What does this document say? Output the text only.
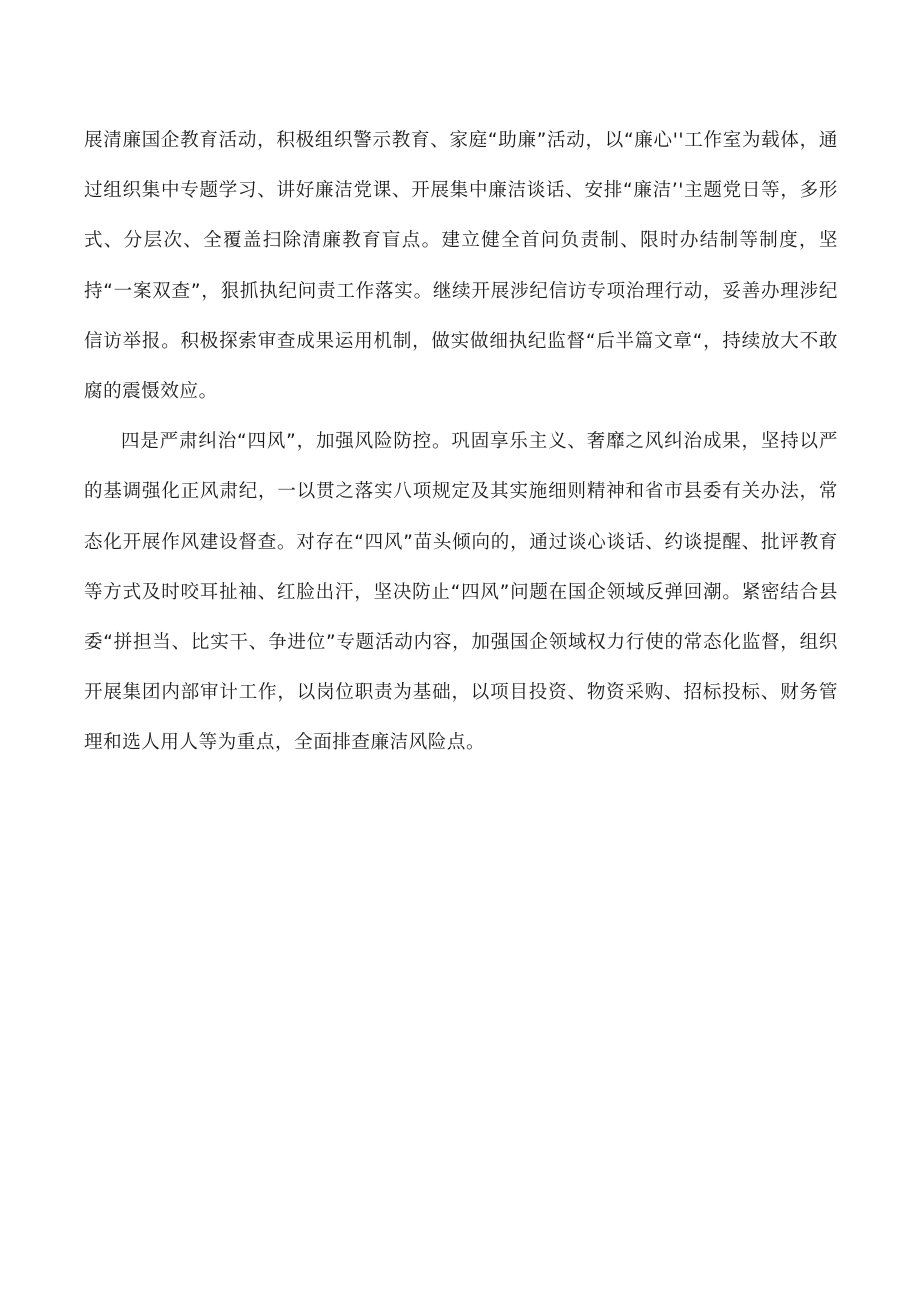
展清廉国企教育活动，积极组织警示教育、家庭“助廉”活动，以“廉心''工作室为载体，通过组织集中专题学习、讲好廉洁党课、开展集中廉洁谈话、安排“廉洁’'主题党日等，多形式、分层次、全覆盖扫除清廉教育盲点。建立健全首问负责制、限时办结制等制度，坚持“一案双查”，狠抓执纪问责工作落实。继续开展涉纪信访专项治理行动，妥善办理涉纪信访举报。积极探索审查成果运用机制，做实做细执纪监督“后半篇文章“，持续放大不敢腐的震慑效应。

四是严肃纠治“四风”，加强风险防控。巩固享乐主义、奢靡之风纠治成果，坚持以严的基调强化正风肃纪，一以贯之落实八项规定及其实施细则精神和省市县委有关办法，常态化开展作风建设督查。对存在“四风”苗头倾向的，通过谈心谈话、约谈提醒、批评教育等方式及时咬耳扯袖、红脸出汗，坚决防止“四风”问题在国企领域反弹回潮。紧密结合县委“拼担当、比实干、争进位”专题活动内容，加强国企领域权力行使的常态化监督，组织开展集团内部审计工作，以岗位职责为基础，以项目投资、物资采购、招标投标、财务管理和选人用人等为重点，全面排查廉洁风险点。
